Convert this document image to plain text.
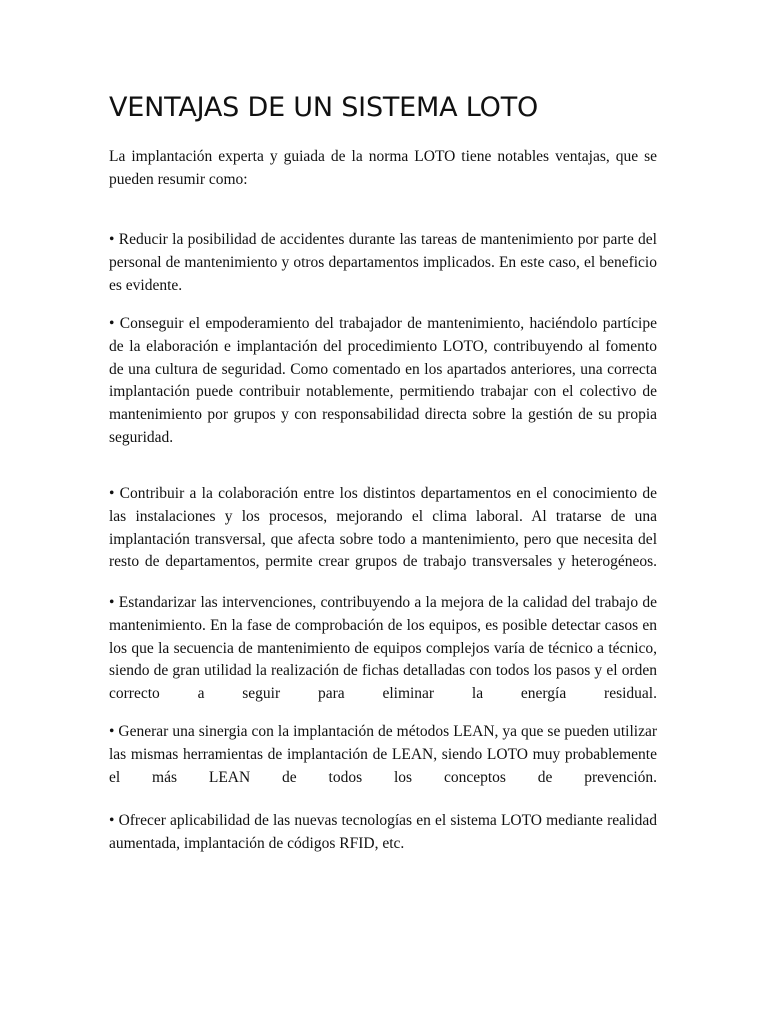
VENTAJAS DE UN SISTEMA LOTO

La implantación experta y guiada de la norma LOTO tiene notables ventajas, que se pueden resumir como:

• Reducir la posibilidad de accidentes durante las tareas de mantenimiento por parte del personal de mantenimiento y otros departamentos implicados. En este caso, el beneficio es evidente.

• Conseguir el empoderamiento del trabajador de mantenimiento, haciéndolo partícipe de la elaboración e implantación del procedimiento LOTO, contribuyendo al fomento de una cultura de seguridad. Como comentado en los apartados anteriores, una correcta implantación puede contribuir notablemente, permitiendo trabajar con el colectivo de mantenimiento por grupos y con responsabilidad directa sobre la gestión de su propia seguridad.

• Contribuir a la colaboración entre los distintos departamentos en el conocimiento de las instalaciones y los procesos, mejorando el clima laboral. Al tratarse de una implantación transversal, que afecta sobre todo a mantenimiento, pero que necesita del resto de departamentos, permite crear grupos de trabajo transversales y heterogéneos.

• Estandarizar las intervenciones, contribuyendo a la mejora de la calidad del trabajo de mantenimiento. En la fase de comprobación de los equipos, es posible detectar casos en los que la secuencia de mantenimiento de equipos complejos varía de técnico a técnico, siendo de gran utilidad la realización de fichas detalladas con todos los pasos y el orden correcto a seguir para eliminar la energía residual.

• Generar una sinergia con la implantación de métodos LEAN, ya que se pueden utilizar las mismas herramientas de implantación de LEAN, siendo LOTO muy probablemente el más LEAN de todos los conceptos de prevención.

• Ofrecer aplicabilidad de las nuevas tecnologías en el sistema LOTO mediante realidad aumentada, implantación de códigos RFID, etc.
